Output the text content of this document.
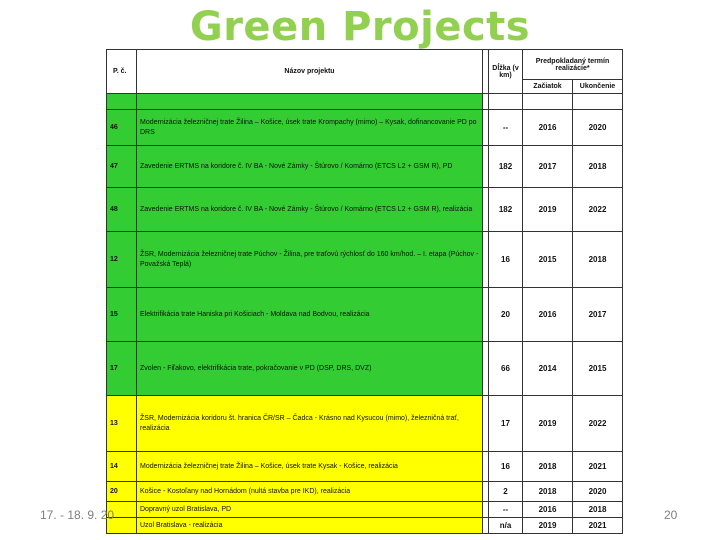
Green Projects
P. č.	Názov projektu		Dĺžka (v km)	Predpokladaný termín realizácie*	
				Začiatok	Ukončenie

46	Modernizácia železničnej trate Žilina – Košice, úsek trate Krompachy (mimo) – Kysak, dofinancovanie PD po DRS		--	2016	2020
47	Zavedenie ERTMS na koridore č. IV BA - Nové Zámky - Štúrovo / Komárno (ETCS L2 + GSM R), PD		182	2017	2018
48	Zavedenie ERTMS na koridore č. IV BA - Nové Zámky - Štúrovo / Komárno (ETCS L2 + GSM R), realizácia		182	2019	2022
12	ŽSR, Modernizácia železničnej trate Púchov - Žilina, pre traťovú rýchlosť do 160 km/hod. – I. etapa (Púchov - Považská Teplá)		16	2015	2018
15	Elektrifikácia trate Haniska pri Košiciach - Moldava nad Bodvou, realizácia		20	2016	2017
17	Zvolen - Fiľakovo, elektrifikácia trate, pokračovanie v PD (DSP, DRS, DVZ)		66	2014	2015
13	ŽSR, Modernizácia koridoru št. hranica ČR/SR – Čadca - Krásno nad Kysucou (mimo), železničná trať, realizácia		17	2019	2022
14	Modernizácia železničnej trate Žilina – Košice, úsek trate Kysak - Košice, realizácia		16	2018	2021
20	Košice - Kostoľany nad Hornádom (nultá stavba pre IKD), realizácia		2	2018	2020
	Dopravný uzol Bratislava, PD		--	2016	2018
	Uzol Bratislava - realizácia		n/a	2019	2021
17. - 18. 9. 20	20
